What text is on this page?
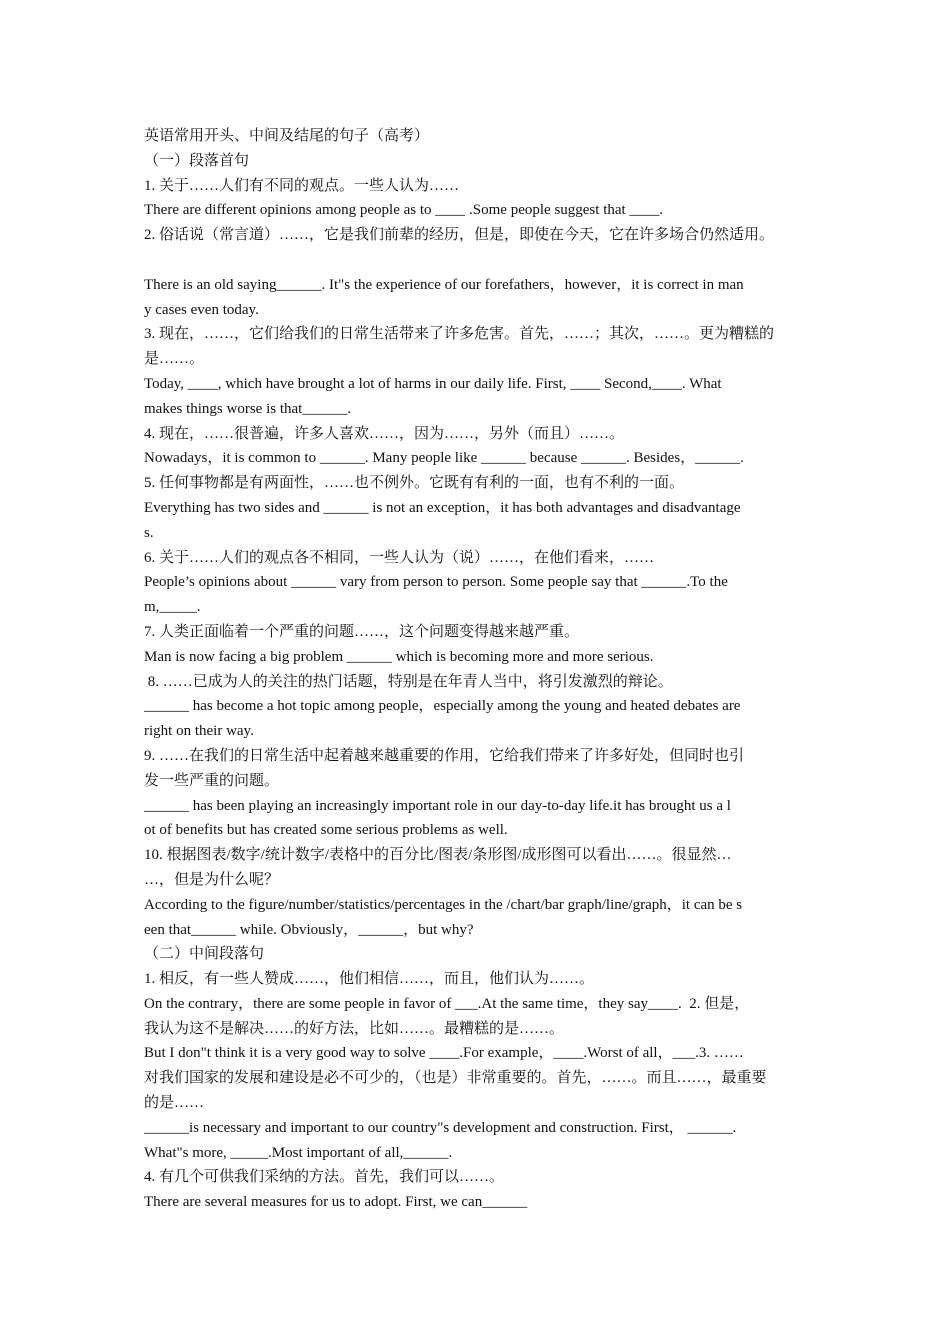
英语常用开头、中间及结尾的句子（高考）

（一）段落首句

1. 关于……人们有不同的观点。一些人认为……

There are different opinions among people as to ____ .Some people suggest that ____.

2. 俗话说（常言道）……，它是我们前辈的经历，但是，即使在今天，它在许多场合仍然适用。

There is an old saying______. It"s the experience of our forefathers，however，it is correct in man

y cases even today.

3. 现在，……，它们给我们的日常生活带来了许多危害。首先，……；其次，……。更为糟糕的

是……。

Today, ____, which have brought a lot of harms in our daily life. First, ____ Second,____. What

makes things worse is that______.

4. 现在，……很普遍，许多人喜欢……，因为……，另外（而且）……。

Nowadays，it is common to ______. Many people like ______ because ______. Besides，______.

5. 任何事物都是有两面性，……也不例外。它既有有利的一面，也有不利的一面。

Everything has two sides and ______ is not an exception，it has both advantages and disadvantage

s.

6. 关于……人们的观点各不相同，一些人认为（说）……，在他们看来，……

People’s opinions about ______ vary from person to person. Some people say that ______.To the

m,_____.

7. 人类正面临着一个严重的问题……，这个问题变得越来越严重。

Man is now facing a big problem ______ which is becoming more and more serious.

8. ……已成为人的关注的热门话题，特别是在年青人当中，将引发激烈的辩论。

______ has become a hot topic among people，especially among the young and heated debates are

right on their way.

9. ……在我们的日常生活中起着越来越重要的作用，它给我们带来了许多好处，但同时也引

发一些严重的问题。

______ has been playing an increasingly important role in our day-to-day life.it has brought us a l

ot of benefits but has created some serious problems as well.

10. 根据图表/数字/统计数字/表格中的百分比/图表/条形图/成形图可以看出……。很显然…

…，但是为什么呢？

According to the figure/number/statistics/percentages in the /chart/bar graph/line/graph，it can be s

een that______ while. Obviously，______，but why?

（二）中间段落句

1. 相反，有一些人赞成……，他们相信……，而且，他们认为……。

On the contrary，there are some people in favor of ___.At the same time，they say____.  2. 但是，

我认为这不是解决……的好方法，比如……。最糟糕的是……。

But I don"t think it is a very good way to solve ____.For example，____.Worst of all，___.3. ……

对我们国家的发展和建设是必不可少的，（也是）非常重要的。首先，……。而且……，最重要

的是……

______is necessary and important to our country"s development and construction. First， ______.

What"s more, _____.Most important of all,______.

4. 有几个可供我们采纳的方法。首先，我们可以……。

There are several measures for us to adopt. First, we can______
